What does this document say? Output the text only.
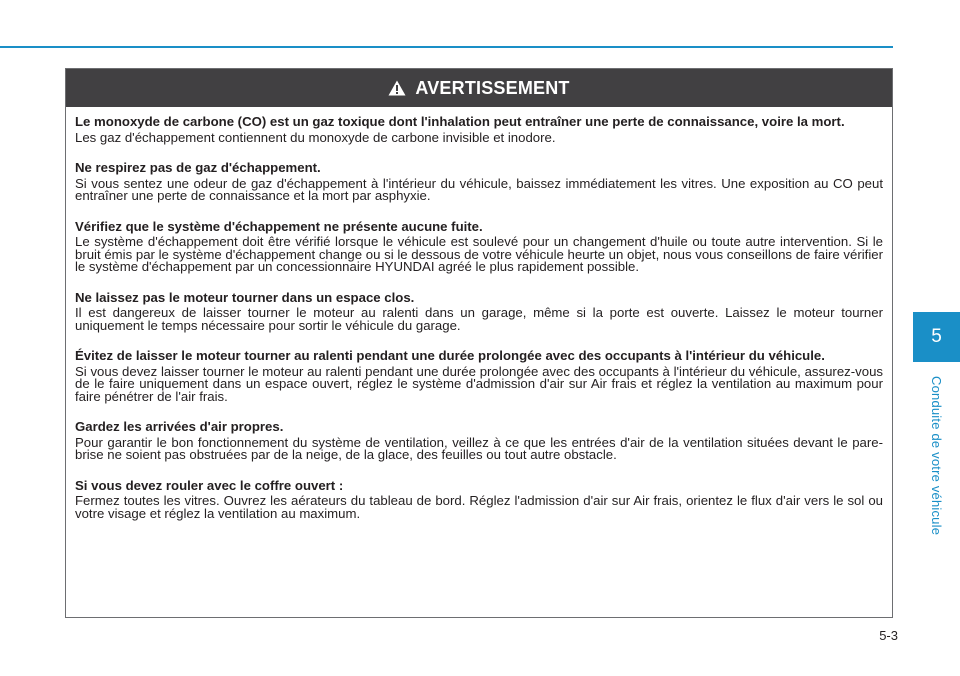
5
Conduite de votre véhicule
AVERTISSEMENT
Le monoxyde de carbone (CO) est un gaz toxique dont l'inhalation peut entraîner une perte de connaissance, voire la mort.

Les gaz d'échappement contiennent du monoxyde de carbone invisible et inodore.

Ne respirez pas de gaz d'échappement.

Si vous sentez une odeur de gaz d'échappement à l'intérieur du véhicule, baissez immédiatement les vitres. Une exposition au CO peut entraîner une perte de connaissance et la mort par asphyxie.

Vérifiez que le système d'échappement ne présente aucune fuite.

Le système d'échappement doit être vérifié lorsque le véhicule est soulevé pour un changement d'huile ou toute autre intervention. Si le bruit émis par le système d'échappement change ou si le dessous de votre véhicule heurte un objet, nous vous conseillons de faire vérifier le système d'échappement par un concessionnaire HYUNDAI agréé le plus rapidement possible.

Ne laissez pas le moteur tourner dans un espace clos.

Il est dangereux de laisser tourner le moteur au ralenti dans un garage, même si la porte est ouverte. Laissez le moteur tourner uniquement le temps nécessaire pour sortir le véhicule du garage.

Évitez de laisser le moteur tourner au ralenti pendant une durée prolongée avec des occupants à l'intérieur du véhicule.

Si vous devez laisser tourner le moteur au ralenti pendant une durée prolongée avec des occupants à l'intérieur du véhicule, assurez-vous de le faire uniquement dans un espace ouvert, réglez le système d'admission d'air sur Air frais et réglez la ventilation au maximum pour faire pénétrer de l'air frais.

Gardez les arrivées d'air propres.

Pour garantir le bon fonctionnement du système de ventilation, veillez à ce que les entrées d'air de la ventilation situées devant le pare-brise ne soient pas obstruées par de la neige, de la glace, des feuilles ou tout autre obstacle.

Si vous devez rouler avec le coffre ouvert :

Fermez toutes les vitres. Ouvrez les aérateurs du tableau de bord. Réglez l'admission d'air sur Air frais, orientez le flux d'air vers le sol ou votre visage et réglez la ventilation au maximum.

5-3
